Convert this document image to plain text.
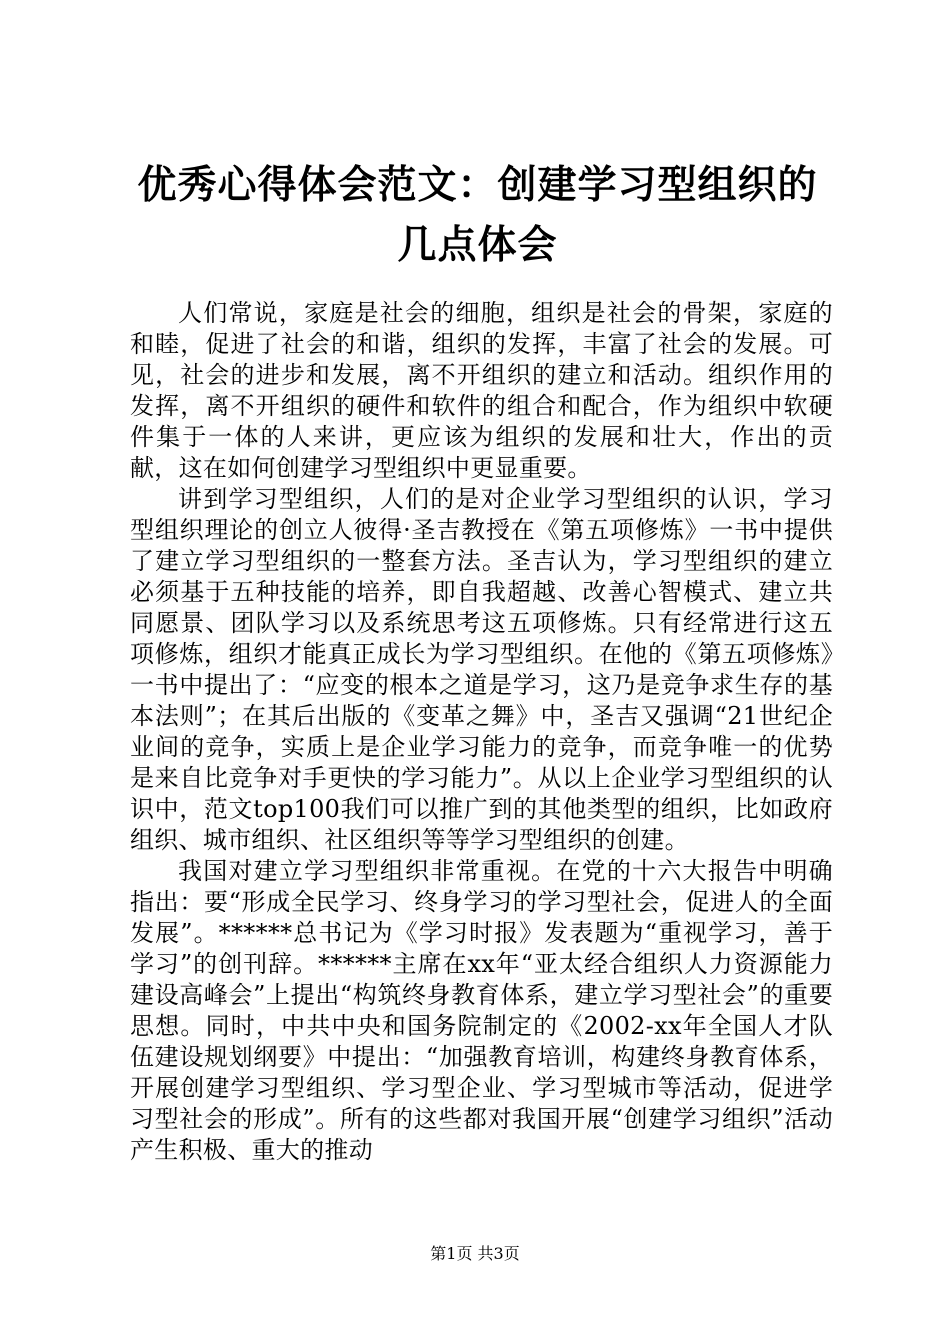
优秀心得体会范文：创建学习型组织的几点体会

人们常说，家庭是社会的细胞，组织是社会的骨架，家庭的和睦，促进了社会的和谐，组织的发挥，丰富了社会的发展。可见，社会的进步和发展，离不开组织的建立和活动。组织作用的发挥，离不开组织的硬件和软件的组合和配合，作为组织中软硬件集于一体的人来讲，更应该为组织的发展和壮大，作出的贡献，这在如何创建学习型组织中更显重要。

讲到学习型组织，人们的是对企业学习型组织的认识，学习型组织理论的创立人彼得·圣吉教授在《第五项修炼》一书中提供了建立学习型组织的一整套方法。圣吉认为，学习型组织的建立必须基于五种技能的培养，即自我超越、改善心智模式、建立共同愿景、团队学习以及系统思考这五项修炼。只有经常进行这五项修炼，组织才能真正成长为学习型组织。在他的《第五项修炼》一书中提出了：“应变的根本之道是学习，这乃是竞争求生存的基本法则”；在其后出版的《变革之舞》中，圣吉又强调“21世纪企业间的竞争，实质上是企业学习能力的竞争，而竞争唯一的优势是来自比竞争对手更快的学习能力”。从以上企业学习型组织的认识中，范文top100我们可以推广到的其他类型的组织，比如政府组织、城市组织、社区组织等等学习型组织的创建。

我国对建立学习型组织非常重视。在党的十六大报告中明确指出：要“形成全民学习、终身学习的学习型社会，促进人的全面发展”。******总书记为《学习时报》发表题为“重视学习，善于学习”的创刊辞。******主席在xx年“亚太经合组织人力资源能力建设高峰会”上提出“构筑终身教育体系，建立学习型社会”的重要思想。同时，中共中央和国务院制定的《2002-xx年全国人才队伍建设规划纲要》中提出：“加强教育培训，构建终身教育体系，开展创建学习型组织、学习型企业、学习型城市等活动，促进学习型社会的形成”。所有的这些都对我国开展“创建学习组织”活动产生积极、重大的推动

第1页 共3页
